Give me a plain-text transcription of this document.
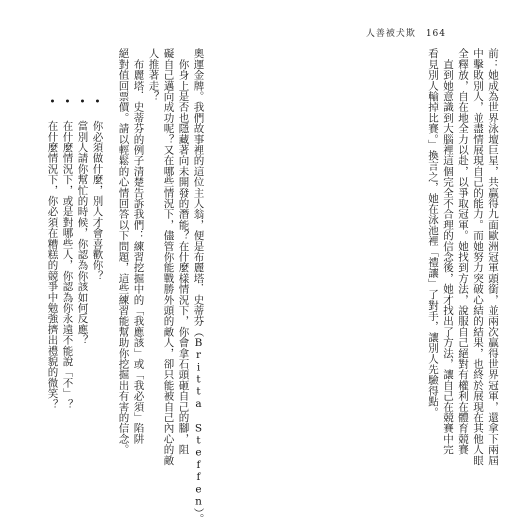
人善被犬欺 164
看見別人輸掉比賽。」換言之，她在泳池裡「禮讓」了對手，讓別人先驗得點。 　直到她意識到大腦裡這個完全不合理的信念後，她才找出了方法，讓自己在競賽中完 全釋放，自在地全力以赴，以爭取冠軍。她找到方法，說服自己絕對有權利在體育競賽 中擊敗別人，並盡情展現自己的能力。而她努力突破心結的結果，也終於展現在其他人眼 前：她成為世界泳壇巨星，共贏得九面歐洲冠軍頭銜，並兩次贏得世界冠軍，還拿下兩屆
奧運金牌。我們故事裡的這位主人翁，便是布麗塔．史蒂芬（Britta Steffen）。
　你身上是否也隱藏著向未開發的潛能？在什麼樣情況下，你會拿石頭砸自己的腳，阻
礙自己邁向成功呢？又在哪些情況下，儘管你能戰勝外頭的敵人，卻只能被自己內心的敵
人推著走？
　布麗塔．史蒂芬的例子清楚告訴我們：練習挖掘中的「我應該」或「我必須」陷阱
絕對值回票價。請以輕鬆的心情回答以下問題，這些練習能幫助你挖掘出有害的信念。
• 你必須做什麼，別人才會喜歡你？
• 當別人請你幫忙的時候，你認為你該如何反應？
• 在什麼情況下，或是對哪些人，你認為你永遠不能說「不」？
• 在什麼情況下，你必須在糟糕的競爭中勉強擠出禮貌的微笑？
